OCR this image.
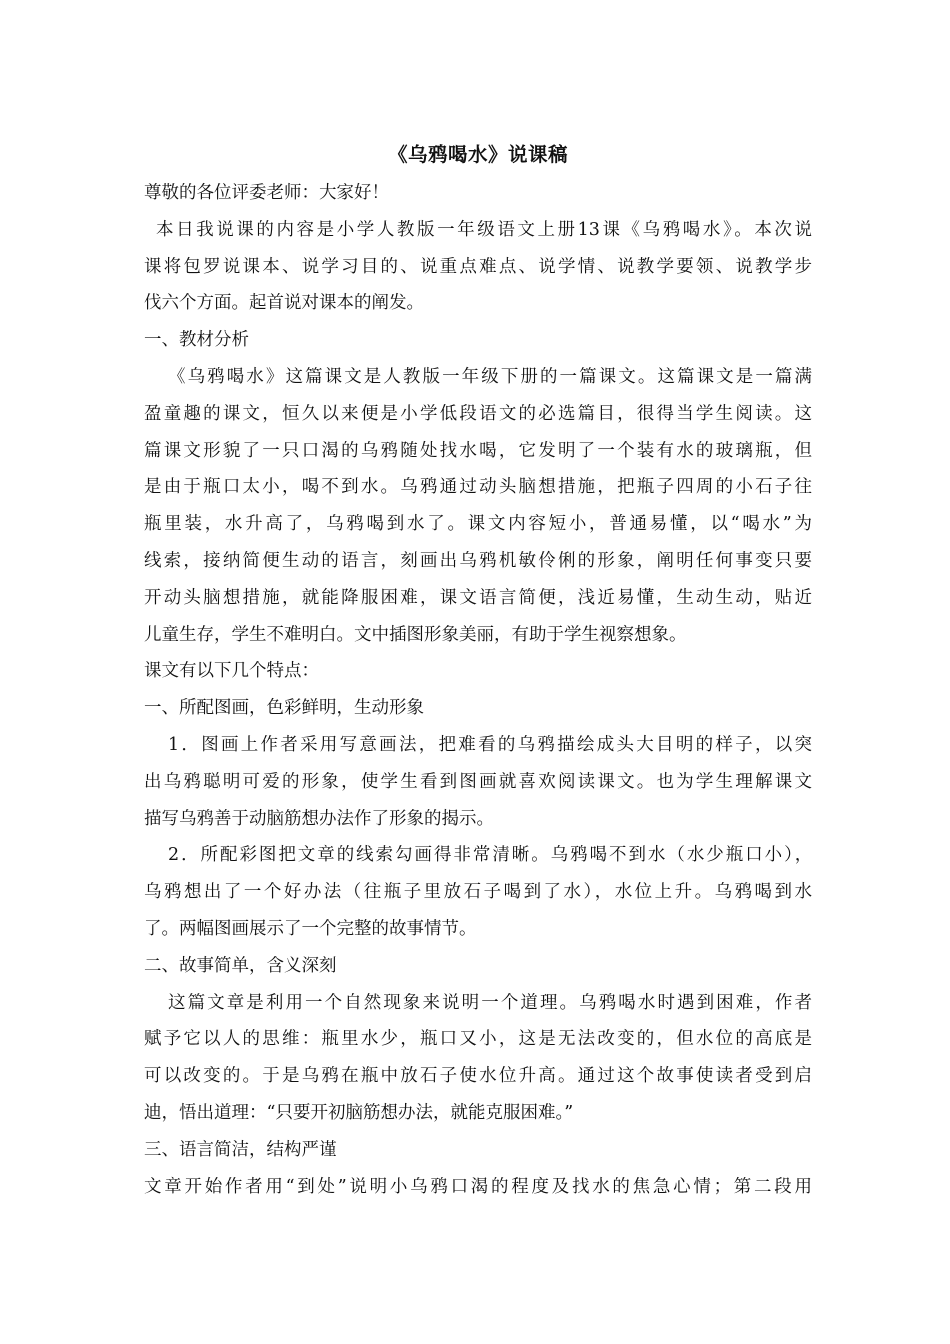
《乌鸦喝水》说课稿
尊敬的各位评委老师：大家好！
本日我说课的内容是小学人教版一年级语文上册13课《乌鸦喝水》。本次说
课将包罗说课本、说学习目的、说重点难点、说学情、说教学要领、说教学步
伐六个方面。起首说对课本的阐发。
一、教材分析
《乌鸦喝水》这篇课文是人教版一年级下册的一篇课文。这篇课文是一篇满
盈童趣的课文，恒久以来便是小学低段语文的必选篇目，很得当学生阅读。这
篇课文形貌了一只口渴的乌鸦随处找水喝，它发明了一个装有水的玻璃瓶，但
是由于瓶口太小，喝不到水。乌鸦通过动头脑想措施，把瓶子四周的小石子往
瓶里装，水升高了，乌鸦喝到水了。课文内容短小，普通易懂，以“喝水”为
线索，接纳简便生动的语言，刻画出乌鸦机敏伶俐的形象，阐明任何事变只要
开动头脑想措施，就能降服困难，课文语言简便，浅近易懂，生动生动，贴近
儿童生存，学生不难明白。文中插图形象美丽，有助于学生视察想象。
课文有以下几个特点：
一、所配图画，色彩鲜明，生动形象
1．图画上作者采用写意画法，把难看的乌鸦描绘成头大目明的样子，以突
出乌鸦聪明可爱的形象，使学生看到图画就喜欢阅读课文。也为学生理解课文
描写乌鸦善于动脑筋想办法作了形象的揭示。
2．所配彩图把文章的线索勾画得非常清晰。乌鸦喝不到水（水少瓶口小），
乌鸦想出了一个好办法（往瓶子里放石子喝到了水），水位上升。乌鸦喝到水
了。两幅图画展示了一个完整的故事情节。
二、故事简单，含义深刻
这篇文章是利用一个自然现象来说明一个道理。乌鸦喝水时遇到困难，作者
赋予它以人的思维：瓶里水少，瓶口又小，这是无法改变的，但水位的高底是
可以改变的。于是乌鸦在瓶中放石子使水位升高。通过这个故事使读者受到启
迪，悟出道理：“只要开初脑筋想办法，就能克服困难。”
三、语言简洁，结构严谨
文章开始作者用“到处”说明小乌鸦口渴的程度及找水的焦急心情；第二段用
